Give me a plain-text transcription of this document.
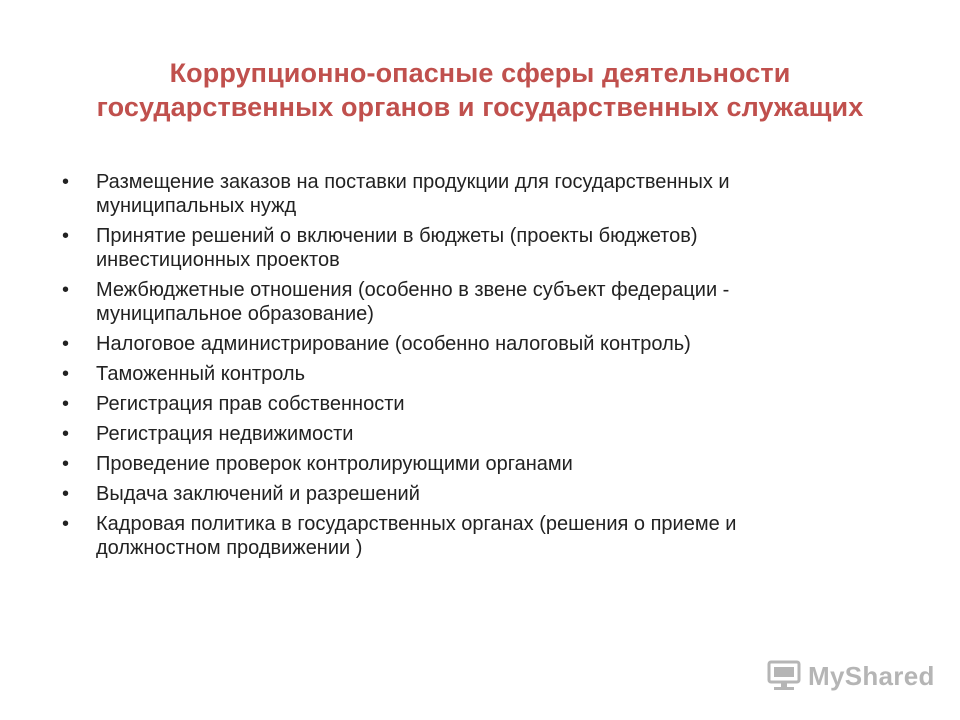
Коррупционно-опасные сферы деятельности
государственных органов и государственных служащих
•	Размещение заказов на поставки продукции для государственных и муниципальных нужд
•	Принятие решений о включении в бюджеты (проекты бюджетов) инвестиционных проектов
•	Межбюджетные отношения (особенно в звене субъект федерации - муниципальное образование)
•	Налоговое администрирование (особенно налоговый контроль)
•	Таможенный контроль
•	Регистрация прав собственности
•	Регистрация недвижимости
•	Проведение проверок контролирующими органами
•	Выдача заключений и разрешений
•	Кадровая политика в государственных органах (решения о приеме и должностном продвижении )
MyShared
